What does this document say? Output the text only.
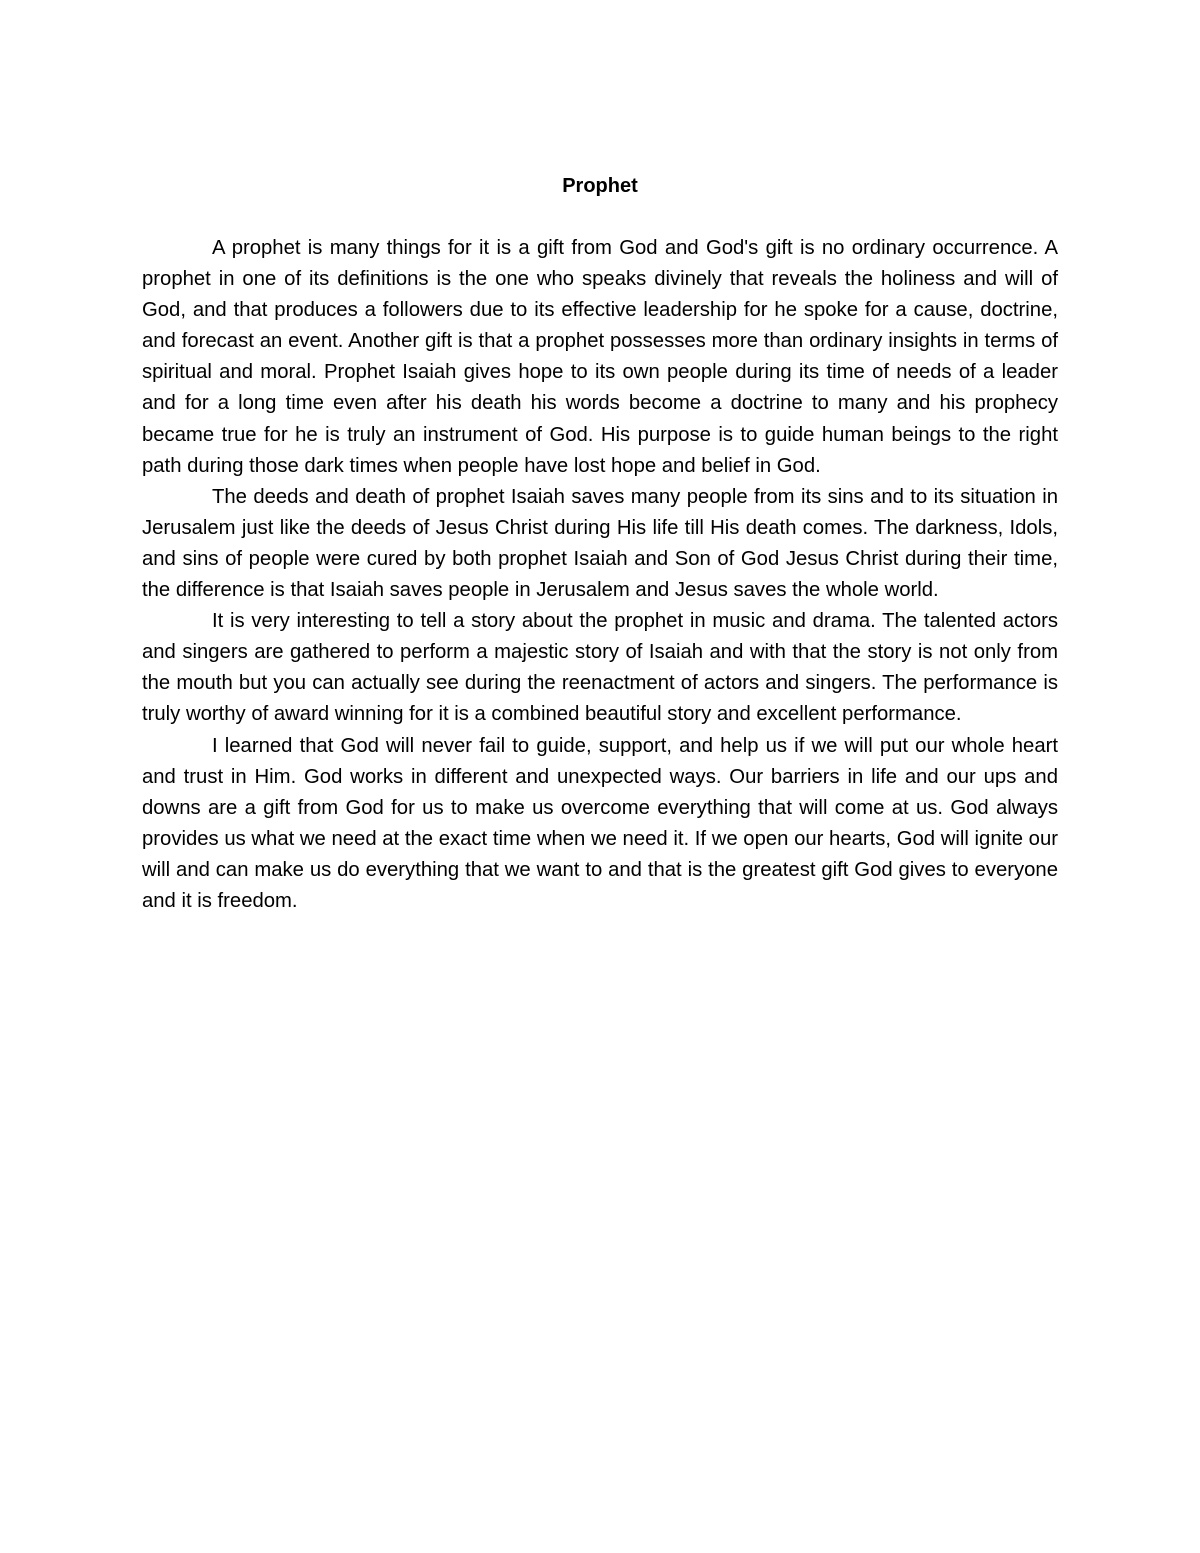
Prophet

A prophet is many things for it is a gift from God and God's gift is no ordinary occurrence. A prophet in one of its definitions is the one who speaks divinely that reveals the holiness and will of God, and that produces a followers due to its effective leadership for he spoke for a cause, doctrine, and forecast an event. Another gift is that a prophet possesses more than ordinary insights in terms of spiritual and moral. Prophet Isaiah gives hope to its own people during its time of needs of a leader and for a long time even after his death his words become a doctrine to many and his prophecy became true for he is truly an instrument of God. His purpose is to guide human beings to the right path during those dark times when people have lost hope and belief in God.

The deeds and death of prophet Isaiah saves many people from its sins and to its situation in Jerusalem just like the deeds of Jesus Christ during His life till His death comes. The darkness, Idols, and sins of people were cured by both prophet Isaiah and Son of God Jesus Christ during their time, the difference is that Isaiah saves people in Jerusalem and Jesus saves the whole world.

It is very interesting to tell a story about the prophet in music and drama. The talented actors and singers are gathered to perform a majestic story of Isaiah and with that the story is not only from the mouth but you can actually see during the reenactment of actors and singers. The performance is truly worthy of award winning for it is a combined beautiful story and excellent performance.

I learned that God will never fail to guide, support, and help us if we will put our whole heart and trust in Him. God works in different and unexpected ways. Our barriers in life and our ups and downs are a gift from God for us to make us overcome everything that will come at us. God always provides us what we need at the exact time when we need it. If we open our hearts, God will ignite our will and can make us do everything that we want to and that is the greatest gift God gives to everyone and it is freedom.
